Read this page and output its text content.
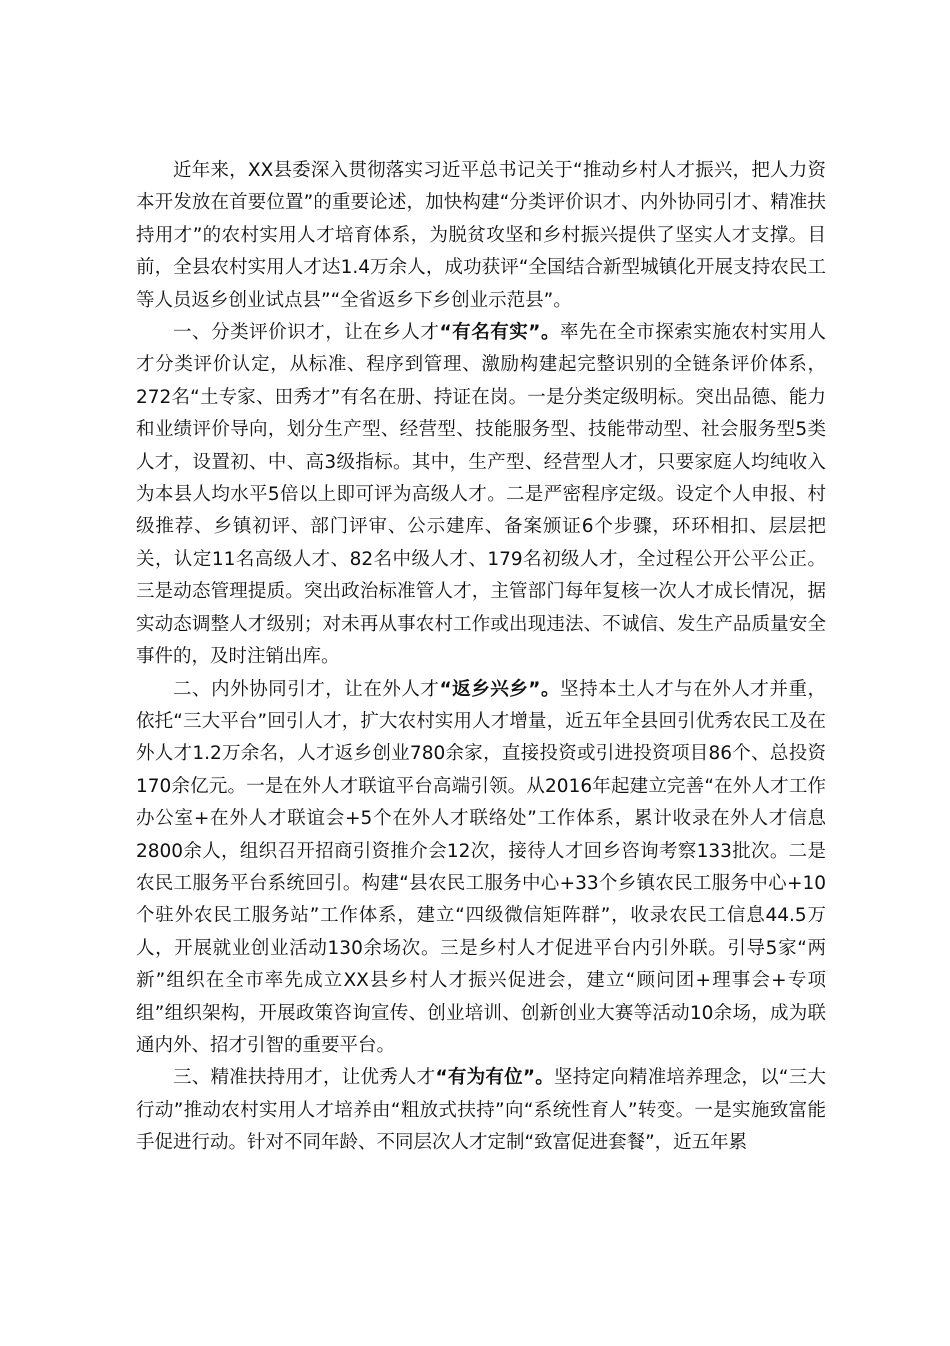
近年来，XX县委深入贯彻落实习近平总书记关于“推动乡村人才振兴，把人力资本开发放在首要位置”的重要论述，加快构建“分类评价识才、内外协同引才、精准扶持用才”的农村实用人才培育体系，为脱贫攻坚和乡村振兴提供了坚实人才支撑。目前，全县农村实用人才达1.4万余人，成功获评“全国结合新型城镇化开展支持农民工等人员返乡创业试点县”“全省返乡下乡创业示范县”。

一、分类评价识才，让在乡人才“有名有实”。率先在全市探索实施农村实用人才分类评价认定，从标准、程序到管理、激励构建起完整识别的全链条评价体系，272名“土专家、田秀才”有名在册、持证在岗。一是分类定级明标。突出品德、能力和业绩评价导向，划分生产型、经营型、技能服务型、技能带动型、社会服务型5类人才，设置初、中、高3级指标。其中，生产型、经营型人才，只要家庭人均纯收入为本县人均水平5倍以上即可评为高级人才。二是严密程序定级。设定个人申报、村级推荐、乡镇初评、部门评审、公示建库、备案颁证6个步骤，环环相扣、层层把关，认定11名高级人才、82名中级人才、179名初级人才，全过程公开公平公正。三是动态管理提质。突出政治标准管人才，主管部门每年复核一次人才成长情况，据实动态调整人才级别；对未再从事农村工作或出现违法、不诚信、发生产品质量安全事件的，及时注销出库。

二、内外协同引才，让在外人才“返乡兴乡”。坚持本土人才与在外人才并重，依托“三大平台”回引人才，扩大农村实用人才增量，近五年全县回引优秀农民工及在外人才1.2万余名，人才返乡创业780余家，直接投资或引进投资项目86个、总投资170余亿元。一是在外人才联谊平台高端引领。从2016年起建立完善“在外人才工作办公室+在外人才联谊会+5个在外人才联络处”工作体系，累计收录在外人才信息2800余人，组织召开招商引资推介会12次，接待人才回乡咨询考察133批次。二是农民工服务平台系统回引。构建“县农民工服务中心+33个乡镇农民工服务中心+10个驻外农民工服务站”工作体系，建立“四级微信矩阵群”，收录农民工信息44.5万人，开展就业创业活动130余场次。三是乡村人才促进平台内引外联。引导5家“两新”组织在全市率先成立XX县乡村人才振兴促进会，建立“顾问团+理事会+专项组”组织架构，开展政策咨询宣传、创业培训、创新创业大赛等活动10余场，成为联通内外、招才引智的重要平台。

三、精准扶持用才，让优秀人才“有为有位”。坚持定向精准培养理念，以“三大行动”推动农村实用人才培养由“粗放式扶持”向“系统性育人”转变。一是实施致富能手促进行动。针对不同年龄、不同层次人才定制“致富促进套餐”，近五年累
